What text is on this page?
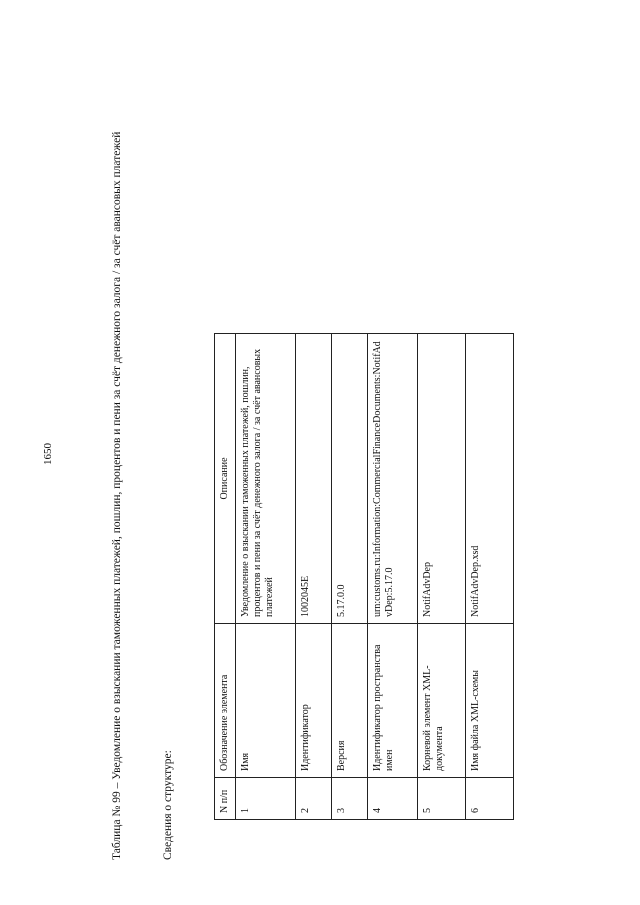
1650	Таблица № 99 – Уведомление о взыскании таможенных платежей, пошлин, процентов и пени за счёт денежного залога / за счёт авансовых платежей	Сведения о структуре:	N п/п	Обозначение элемента	Описание
1	Имя	Уведомление о взыскании таможенных платежей, пошлин, процентов и пени за счёт денежного залога / за счёт авансовых платежей
2	Идентификатор	1002045E
3	Версия	5.17.0.0
4	Идентификатор пространства имен	urn:customs.ru:Information:CommercialFinanceDocuments:NotifAdvDep:5.17.0
5	Корневой элемент XML-документа	NotifAdvDep
6	Имя файла XML-схемы	NotifAdvDep.xsd
